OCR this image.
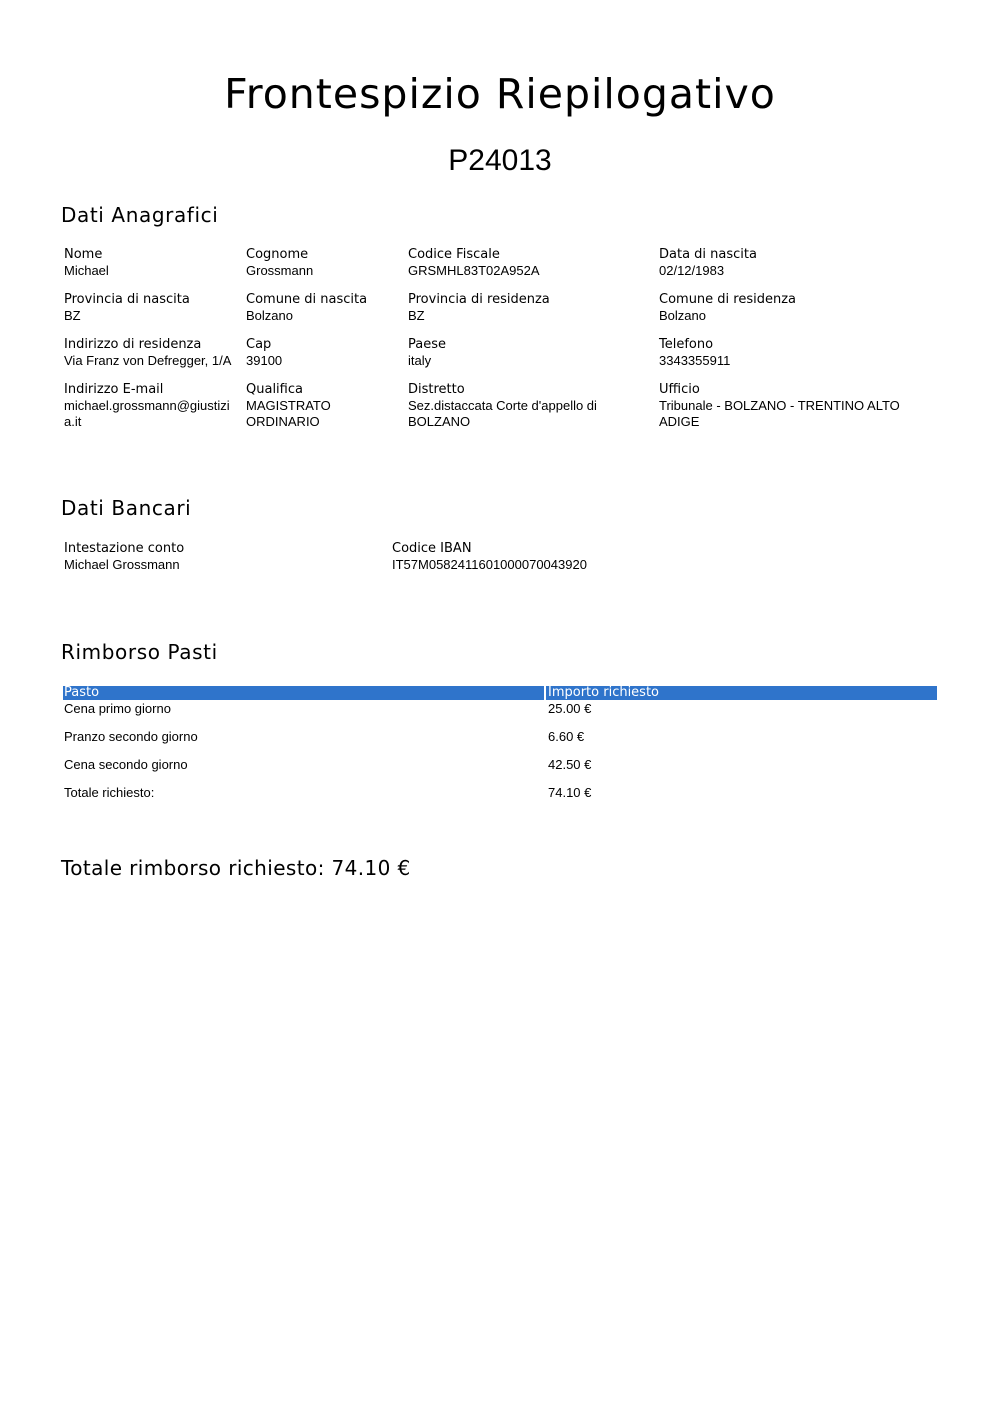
Frontespizio Riepilogativo
P24013
Dati Anagrafici
Nome
Michael
Cognome
Grossmann
Codice Fiscale
GRSMHL83T02A952A
Data di nascita
02/12/1983
Provincia di nascita
BZ
Comune di nascita
Bolzano
Provincia di residenza
BZ
Comune di residenza
Bolzano
Indirizzo di residenza
Via Franz von Defregger, 1/A
Cap
39100
Paese
italy
Telefono
3343355911
Indirizzo E-mail
michael.grossmann@giustizia.it
Qualifica
MAGISTRATO ORDINARIO
Distretto
Sez.distaccata Corte d'appello di BOLZANO
Ufficio
Tribunale - BOLZANO - TRENTINO ALTO ADIGE
Dati Bancari
Intestazione conto
Michael Grossmann
Codice IBAN
IT57M0582411601000070043920
Rimborso Pasti
Pasto	Importo richiesto
Cena primo giorno	25.00 €
Pranzo secondo giorno	6.60 €
Cena secondo giorno	42.50 €
Totale richiesto:	74.10 €
Totale rimborso richiesto: 74.10 €
